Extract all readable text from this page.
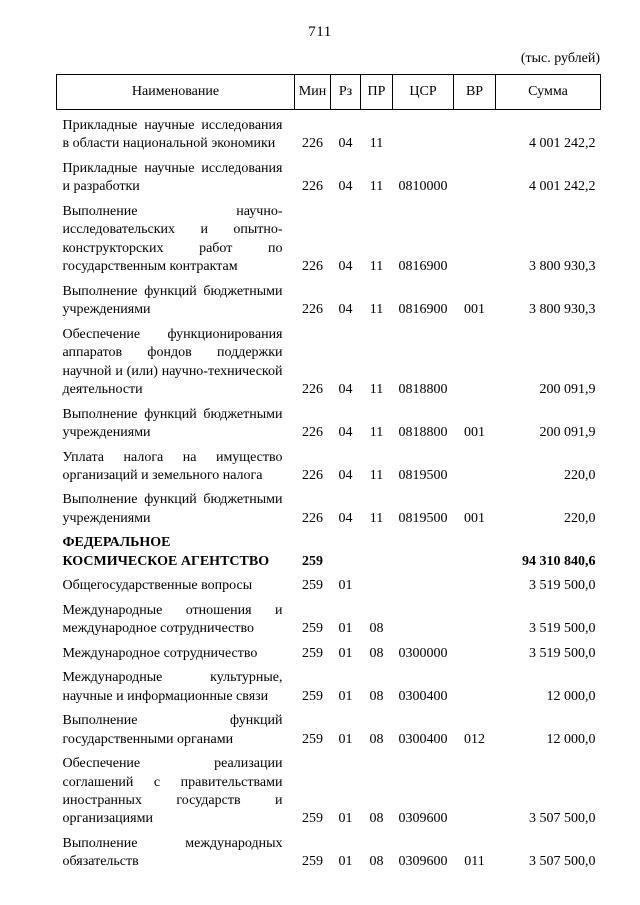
711
(тыс. рублей)
Наименование	Мин	Рз	ПР	ЦСР	ВР	Сумма
Прикладные научные исследования в области национальной экономики	226	04	11			4 001 242,2
Прикладные научные исследования и разработки	226	04	11	0810000		4 001 242,2
Выполнение научно-исследовательских и опытно-конструкторских работ по государственным контрактам	226	04	11	0816900		3 800 930,3
Выполнение функций бюджетными учреждениями	226	04	11	0816900	001	3 800 930,3
Обеспечение функционирования аппаратов фондов поддержки научной и (или) научно-технической деятельности	226	04	11	0818800		200 091,9
Выполнение функций бюджетными учреждениями	226	04	11	0818800	001	200 091,9
Уплата налога на имущество организаций и земельного налога	226	04	11	0819500		220,0
Выполнение функций бюджетными учреждениями	226	04	11	0819500	001	220,0
ФЕДЕРАЛЬНОЕ КОСМИЧЕСКОЕ АГЕНТСТВО	259					94 310 840,6
Общегосударственные вопросы	259	01				3 519 500,0
Международные отношения и международное сотрудничество	259	01	08			3 519 500,0
Международное сотрудничество	259	01	08	0300000		3 519 500,0
Международные культурные, научные и информационные связи	259	01	08	0300400		12 000,0
Выполнение функций государственными органами	259	01	08	0300400	012	12 000,0
Обеспечение реализации соглашений с правительствами иностранных государств и организациями	259	01	08	0309600		3 507 500,0
Выполнение международных обязательств	259	01	08	0309600	011	3 507 500,0
